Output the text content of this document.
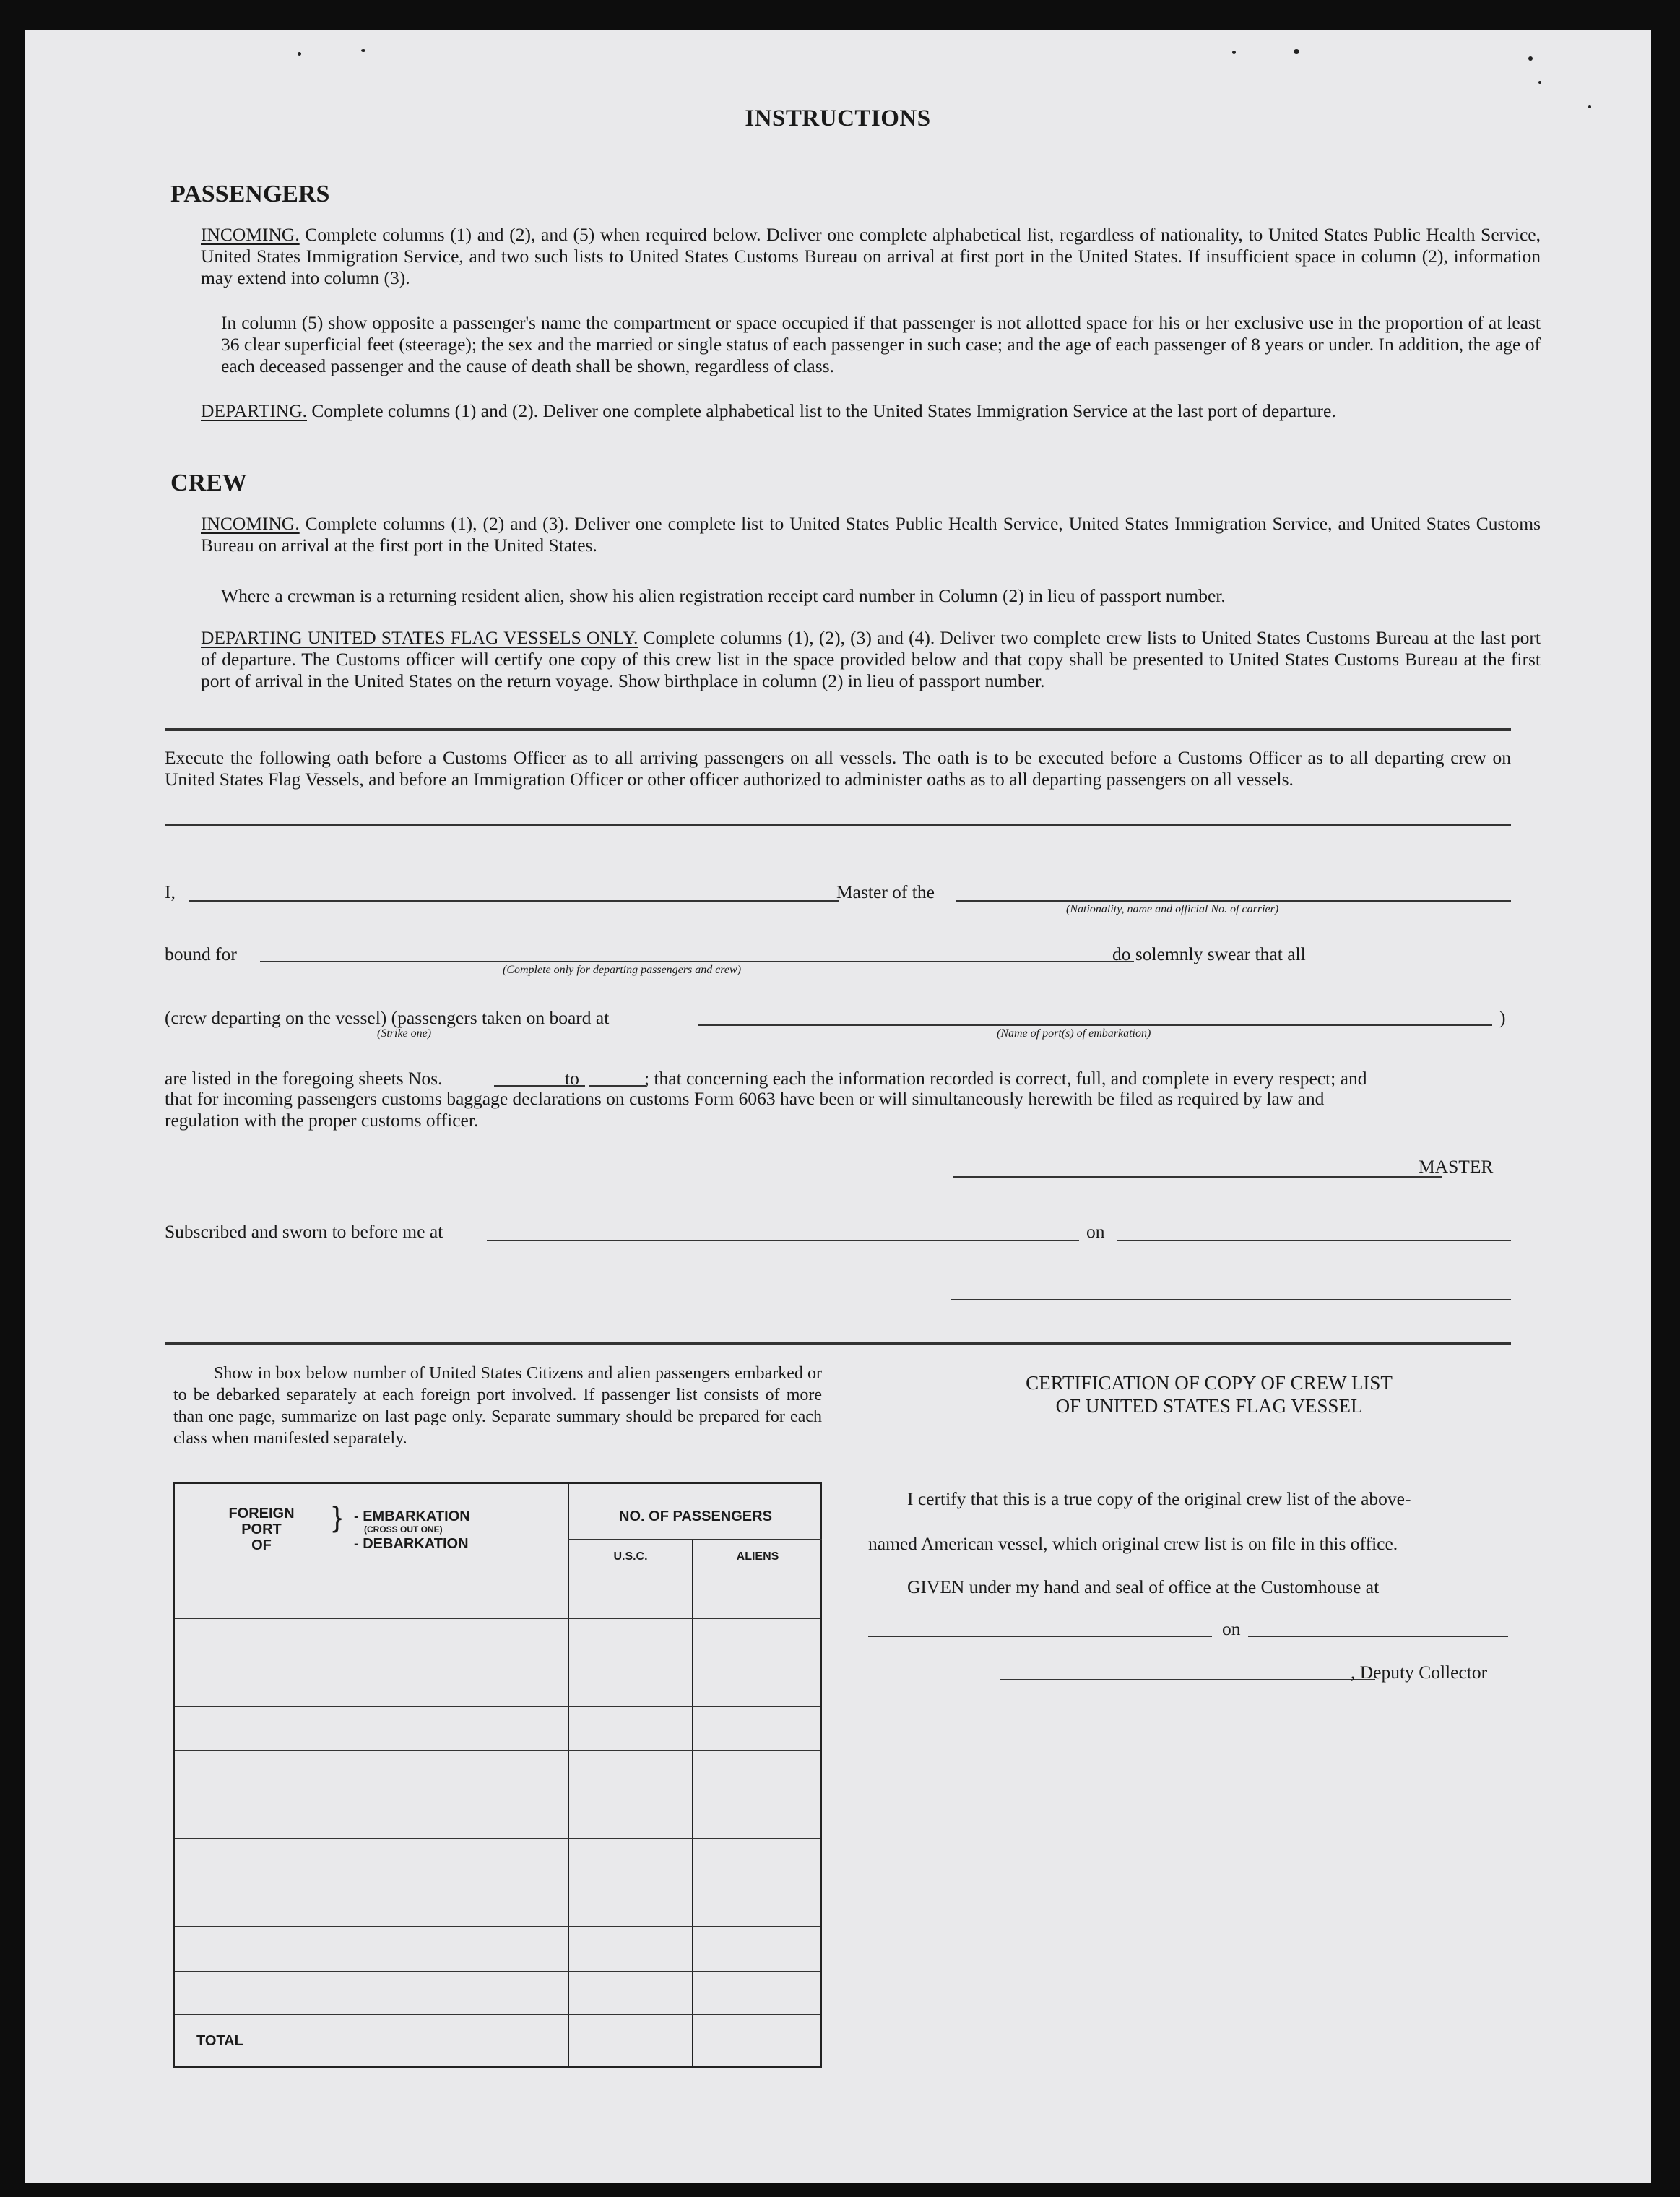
INSTRUCTIONS
PASSENGERS
INCOMING. Complete columns (1) and (2), and (5) when required below. Deliver one complete alphabetical list, regardless of nationality, to United States Public Health Service, United States Immigration Service, and two such lists to United States Customs Bureau on arrival at first port in the United States. If insufficient space in column (2), information may extend into column (3).
In column (5) show opposite a passenger's name the compartment or space occupied if that passenger is not allotted space for his or her exclusive use in the proportion of at least 36 clear superficial feet (steerage); the sex and the married or single status of each passenger in such case; and the age of each passenger of 8 years or under. In addition, the age of each deceased passenger and the cause of death shall be shown, regardless of class.
DEPARTING. Complete columns (1) and (2). Deliver one complete alphabetical list to the United States Immigration Service at the last port of departure.
CREW
INCOMING. Complete columns (1), (2) and (3). Deliver one complete list to United States Public Health Service, United States Immigration Service, and United States Customs Bureau on arrival at the first port in the United States.
Where a crewman is a returning resident alien, show his alien registration receipt card number in Column (2) in lieu of passport number.
DEPARTING UNITED STATES FLAG VESSELS ONLY. Complete columns (1), (2), (3) and (4). Deliver two complete crew lists to United States Customs Bureau at the last port of departure. The Customs officer will certify one copy of this crew list in the space provided below and that copy shall be presented to United States Customs Bureau at the first port of arrival in the United States on the return voyage. Show birthplace in column (2) in lieu of passport number.
Execute the following oath before a Customs Officer as to all arriving passengers on all vessels. The oath is to be executed before a Customs Officer as to all departing crew on United States Flag Vessels, and before an Immigration Officer or other officer authorized to administer oaths as to all departing passengers on all vessels.
I,	Master of the
(Nationality, name and official No. of carrier)
bound for	do solemnly swear that all
(Complete only for departing passengers and crew)
(crew departing on the vessel) (passengers taken on board at	)
(Strike one)	(Name of port(s) of embarkation)
are listed in the foregoing sheets Nos.	to	; that concerning each the information recorded is correct, full, and complete in every respect; and
that for incoming passengers customs baggage declarations on customs Form 6063 have been or will simultaneously herewith be filed as required by law and
regulation with the proper customs officer.
MASTER
Subscribed and sworn to before me at	on
Show in box below number of United States Citizens and alien passengers embarked or to be debarked separately at each foreign port involved. If passenger list consists of more than one page, summarize on last page only. Separate summary should be prepared for each class when manifested separately.
FOREIGN
PORT
OF
} - EMBARKATION
(CROSS OUT ONE)
- DEBARKATION
NO. OF PASSENGERS
U.S.C.	ALIENS
TOTAL
CERTIFICATION OF COPY OF CREW LIST
OF UNITED STATES FLAG VESSEL
I certify that this is a true copy of the original crew list of the above-
named American vessel, which original crew list is on file in this office.
GIVEN under my hand and seal of office at the Customhouse at
on
, Deputy Collector
